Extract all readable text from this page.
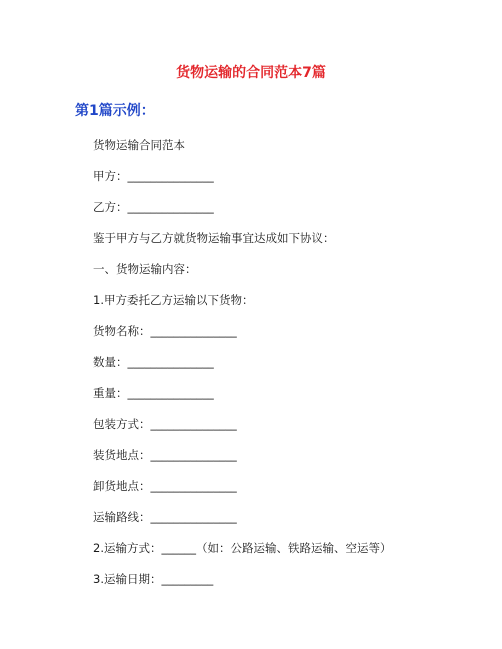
货物运输的合同范本7篇
第1篇示例：
货物运输合同范本
甲方：_______________
乙方：_______________
鉴于甲方与乙方就货物运输事宜达成如下协议：
一、货物运输内容：
1.甲方委托乙方运输以下货物：
货物名称：_______________
数量：_______________
重量：_______________
包装方式：_______________
装货地点：_______________
卸货地点：_______________
运输路线：_______________
2.运输方式：______（如：公路运输、铁路运输、空运等）
3.运输日期：_________
